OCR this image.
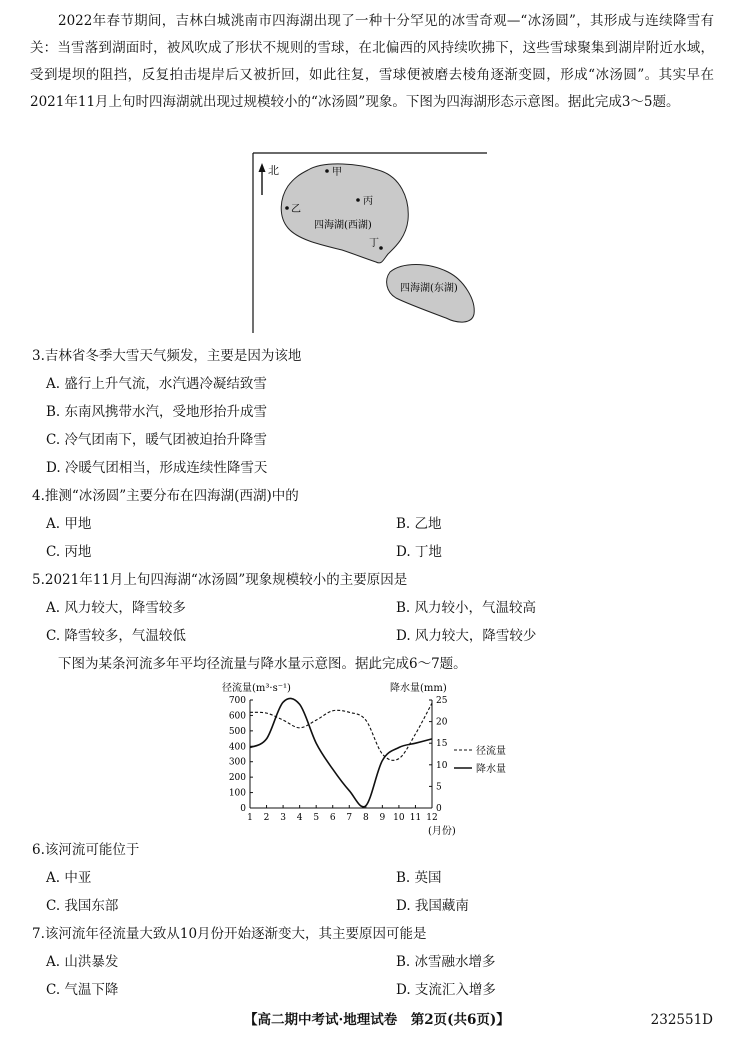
2022年春节期间，吉林白城洮南市四海湖出现了一种十分罕见的冰雪奇观—“冰汤圆”，其形成与连续降雪有关：当雪落到湖面时，被风吹成了形状不规则的雪球，在北偏西的风持续吹拂下，这些雪球聚集到湖岸附近水域，受到堤坝的阻挡，反复拍击堤岸后又被折回，如此往复，雪球便被磨去棱角逐渐变圆，形成“冰汤圆”。其实早在2021年11月上旬时四海湖就出现过规模较小的“冰汤圆”现象。下图为四海湖形态示意图。据此完成3～5题。

北	甲
乙
丙
丁
四海湖(西湖)
四海湖(东湖)
3.吉林省冬季大雪天气频发，主要是因为该地
A. 盛行上升气流，水汽遇冷凝结致雪
B. 东南风携带水汽，受地形抬升成雪
C. 冷气团南下，暖气团被迫抬升降雪
D. 冷暖气团相当，形成连续性降雪天
4.推测“冰汤圆”主要分布在四海湖(西湖)中的
A. 甲地	B. 乙地
C. 丙地	D. 丁地
5.2021年11月上旬四海湖“冰汤圆”现象规模较小的主要原因是
A. 风力较大，降雪较多	B. 风力较小，气温较高
C. 降雪较多，气温较低	D. 风力较大，降雪较少
下图为某条河流多年平均径流量与降水量示意图。据此完成6～7题。
径流量(m³·s⁻¹)	降水量(mm)
0
100
200
300
400
500
600
700
0
5
10
15
20
25
1 2 3 4 5 6 7 8 9 10 11 12
(月份)
径流量
降水量
6.该河流可能位于
A. 中亚	B. 英国
C. 我国东部	D. 我国藏南
7.该河流年径流量大致从10月份开始逐渐变大，其主要原因可能是
A. 山洪暴发	B. 冰雪融水增多
C. 气温下降	D. 支流汇入增多
【高二期中考试·地理试卷　第2页(共6页)】	232551D
